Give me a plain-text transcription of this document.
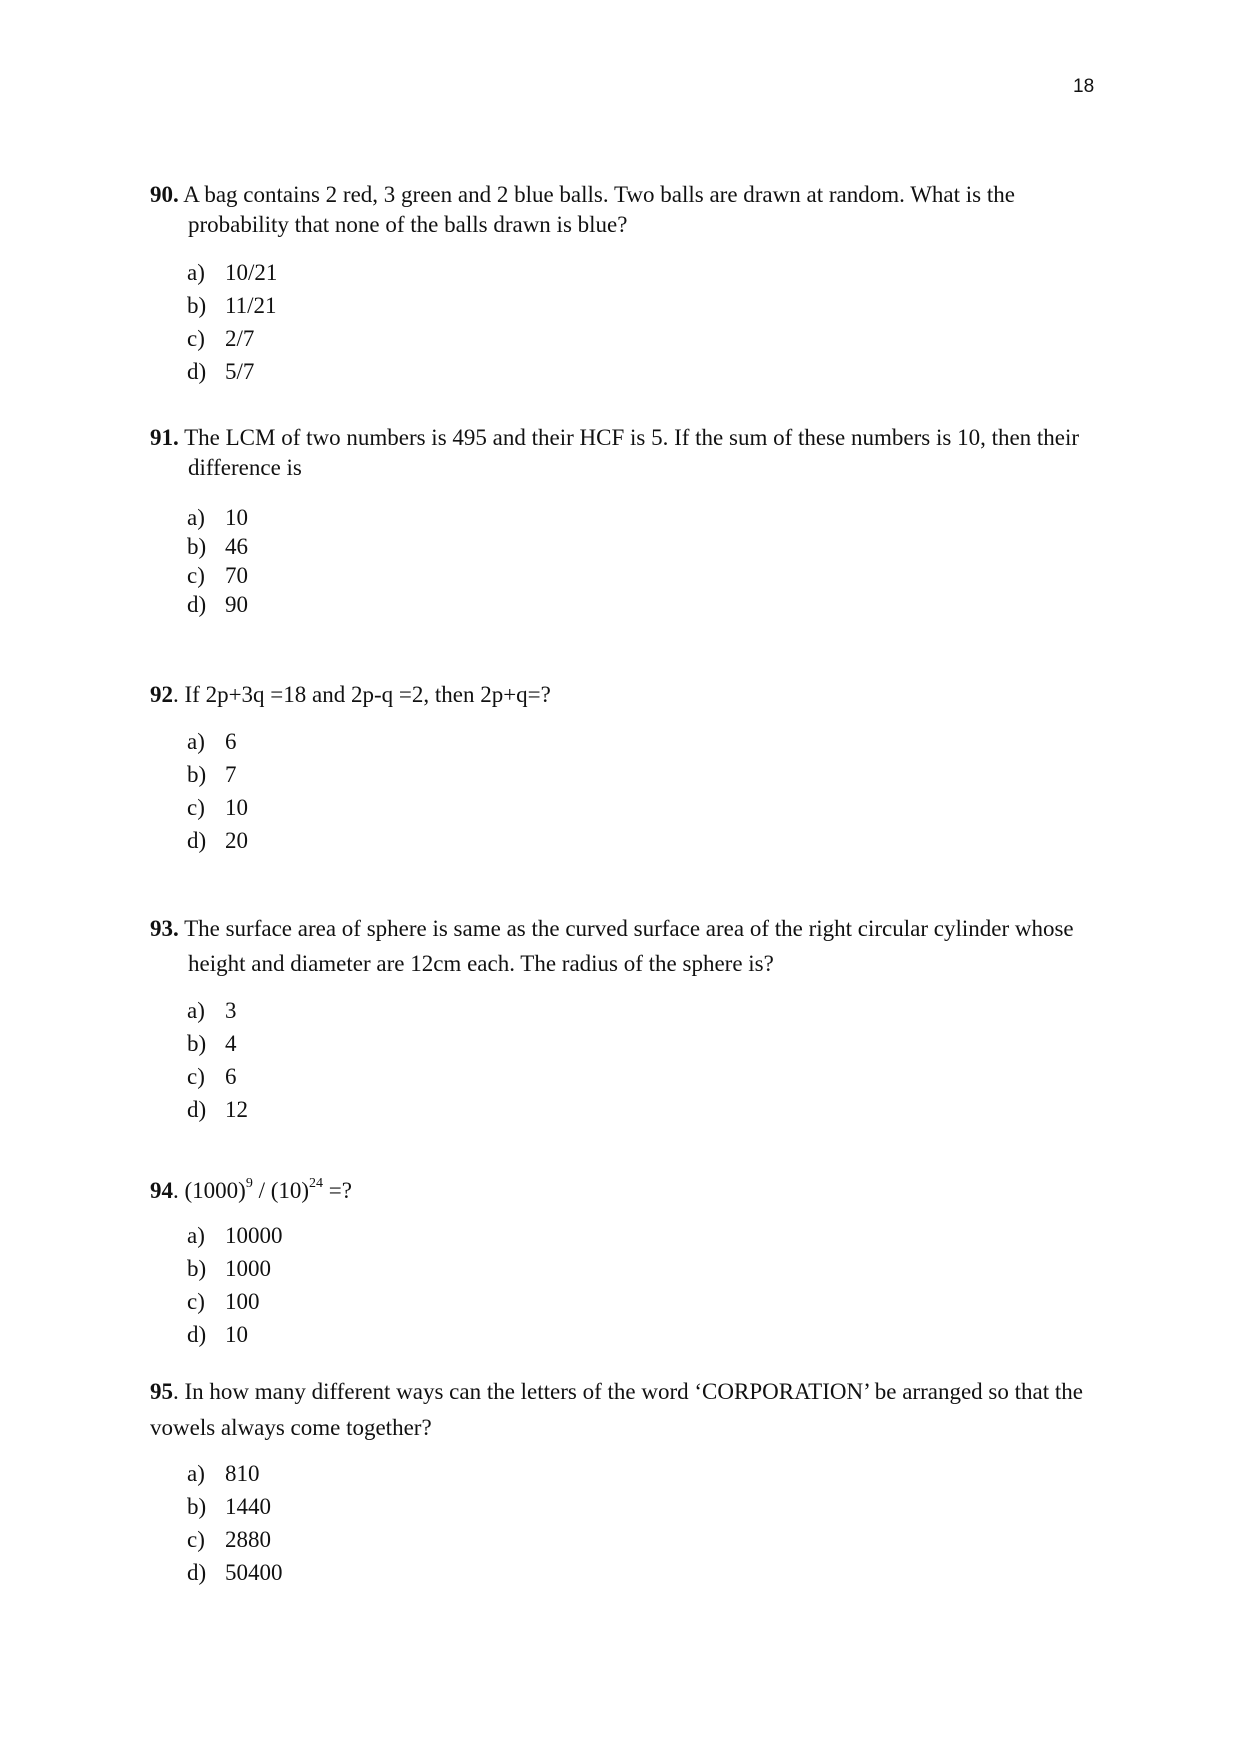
18

90. A bag contains 2 red, 3 green and 2 blue balls. Two balls are drawn at random. What is the probability that none of the balls drawn is blue?

a) 10/21
b) 11/21
c) 2/7
d) 5/7

91. The LCM of two numbers is 495 and their HCF is 5. If the sum of these numbers is 10, then their difference is

a) 10
b) 46
c) 70
d) 90

92. If 2p+3q =18 and 2p-q =2, then 2p+q=?

a) 6
b) 7
c) 10
d) 20

93. The surface area of sphere is same as the curved surface area of the right circular cylinder whose height and diameter are 12cm each. The radius of the sphere is?

a) 3
b) 4
c) 6
d) 12

94. $(1000)^9 / (10)^{24}$ =?

a) 10000
b) 1000
c) 100
d) 10

95. In how many different ways can the letters of the word ‘CORPORATION’ be arranged so that the vowels always come together?

a) 810
b) 1440
c) 2880
d) 50400
